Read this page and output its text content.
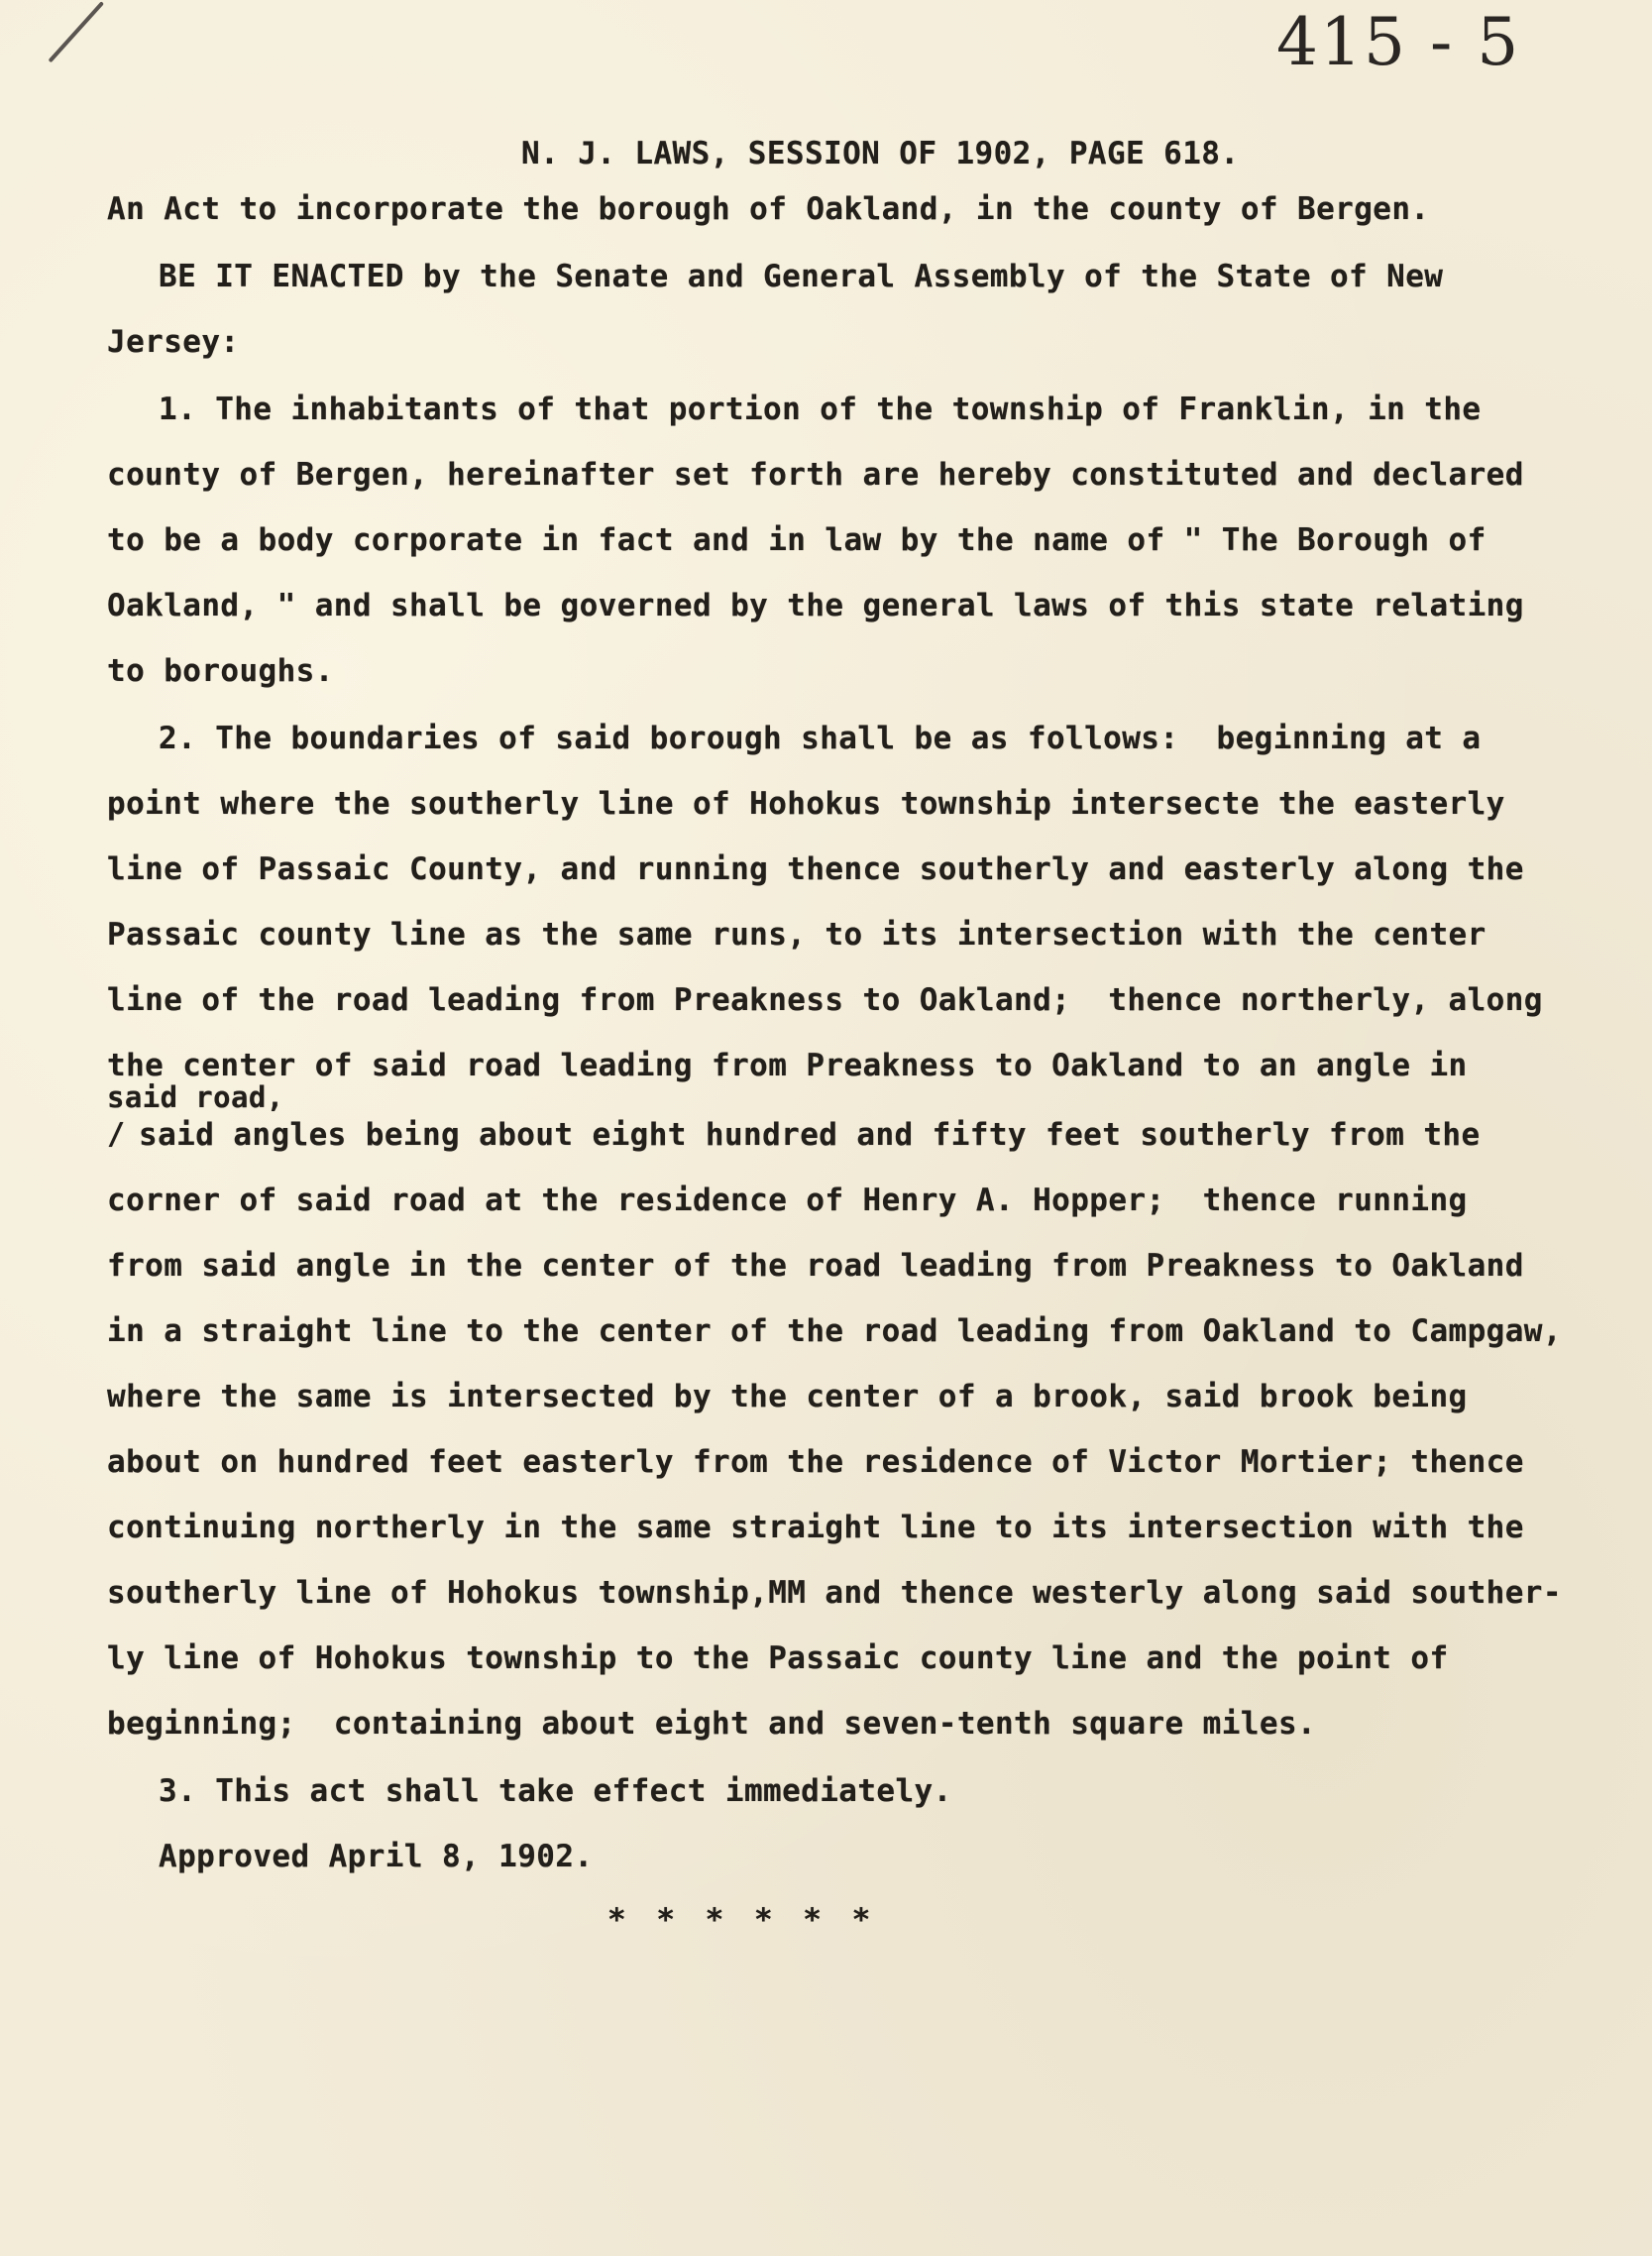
415 - 5
N. J. LAWS, SESSION OF 1902, PAGE 618.
An Act to incorporate the borough of Oakland, in the county of Bergen.
BE IT ENACTED by the Senate and General Assembly of the State of New
Jersey:
1. The inhabitants of that portion of the township of Franklin, in the
county of Bergen, hereinafter set forth are hereby constituted and declared
to be a body corporate in fact and in law by the name of " The Borough of
Oakland, " and shall be governed by the general laws of this state relating
to boroughs.
2. The boundaries of said borough shall be as follows:  beginning at a
point where the southerly line of Hohokus township intersecte the easterly
line of Passaic County, and running thence southerly and easterly along the
Passaic county line as the same runs, to its intersection with the center
line of the road leading from Preakness to Oakland;  thence northerly, along
the center of said road leading from Preakness to Oakland to an angle in
said road,
/ said angles being about eight hundred and fifty feet southerly from the
corner of said road at the residence of Henry A. Hopper;  thence running
from said angle in the center of the road leading from Preakness to Oakland
in a straight line to the center of the road leading from Oakland to Campgaw,
where the same is intersected by the center of a brook, said brook being
about on hundred feet easterly from the residence of Victor Mortier; thence
continuing northerly in the same straight line to its intersection with the
southerly line of Hohokus township,MM and thence westerly along said souther-
ly line of Hohokus township to the Passaic county line and the point of
beginning;  containing about eight and seven-tenth square miles.
3. This act shall take effect immediately.
Approved April 8, 1902.
* * * * * *
